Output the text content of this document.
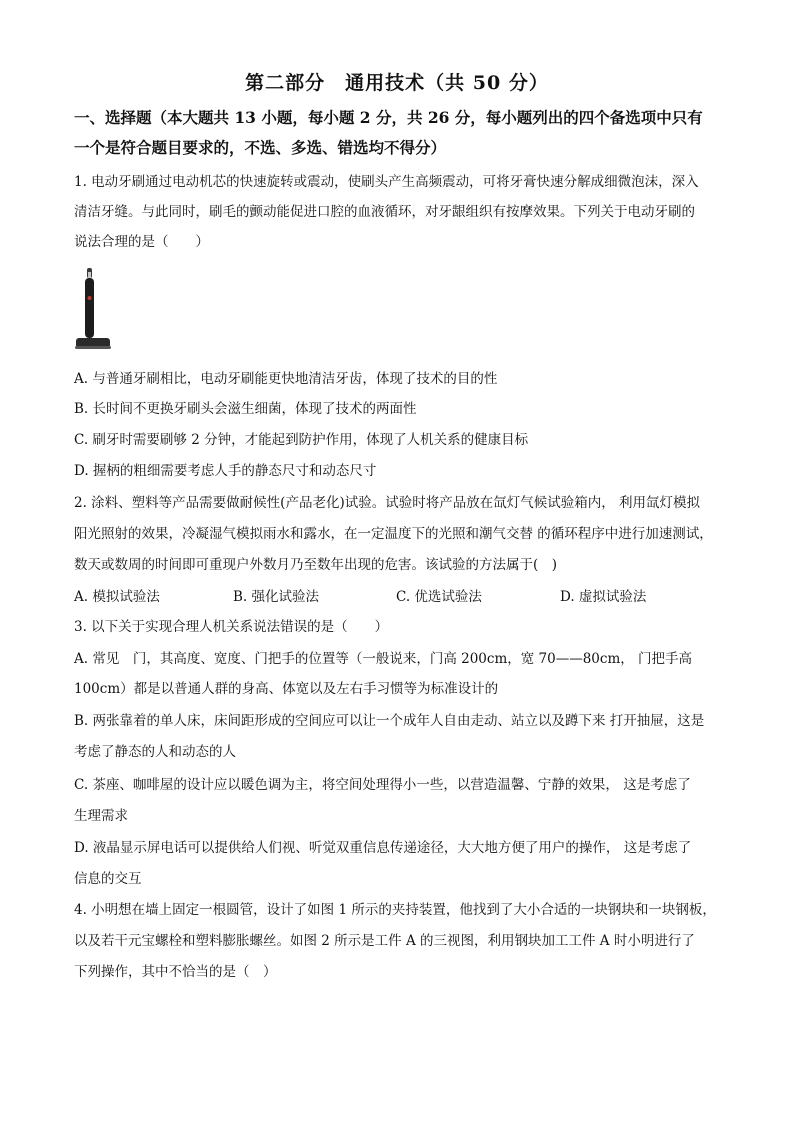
第二部分　通用技术（共 50 分）
一、选择题（本大题共 13 小题，每小题 2 分，共 26 分，每小题列出的四个备选项中只有
一个是符合题目要求的，不选、多选、错选均不得分）
1. 电动牙刷通过电动机芯的快速旋转或震动，使刷头产生高频震动，可将牙膏快速分解成细微泡沫，深入
清洁牙缝。与此同时，刷毛的颤动能促进口腔的血液循环，对牙龈组织有按摩效果。下列关于电动牙刷的
说法合理的是（　　）
A. 与普通牙刷相比，电动牙刷能更快地清洁牙齿，体现了技术的目的性
B. 长时间不更换牙刷头会滋生细菌，体现了技术的两面性
C. 刷牙时需要刷够 2 分钟，才能起到防护作用，体现了人机关系的健康目标
D. 握柄的粗细需要考虑人手的静态尺寸和动态尺寸
2. 涂料、塑料等产品需要做耐候性(产品老化)试验。试验时将产品放在氙灯气候试验箱内， 利用氙灯模拟
阳光照射的效果，冷凝湿气模拟雨水和露水，在一定温度下的光照和潮气交替 的循环程序中进行加速测试，
数天或数周的时间即可重现户外数月乃至数年出现的危害。该试验的方法属于(　)
A. 模拟试验法	B. 强化试验法	C. 优选试验法	D. 虚拟试验法
3. 以下关于实现合理人机关系说法错误的是（　　）
A. 常见　门，其高度、宽度、门把手的位置等（一般说来，门高 200cm，宽 70——80cm， 门把手高
100cm）都是以普通人群的身高、体宽以及左右手习惯等为标准设计的
B. 两张靠着的单人床，床间距形成的空间应可以让一个成年人自由走动、站立以及蹲下来 打开抽屉，这是
考虑了静态的人和动态的人
C. 茶座、咖啡屋的设计应以暖色调为主，将空间处理得小一些，以营造温馨、宁静的效果， 这是考虑了
生理需求
D. 液晶显示屏电话可以提供给人们视、听觉双重信息传递途径，大大地方便了用户的操作， 这是考虑了
信息的交互
4. 小明想在墙上固定一根圆管，设计了如图 1 所示的夹持装置，他找到了大小合适的一块钢块和一块钢板，
以及若干元宝螺栓和塑料膨胀螺丝。如图 2 所示是工件 A 的三视图，利用钢块加工工件 A 时小明进行了
下列操作，其中不恰当的是（　）
